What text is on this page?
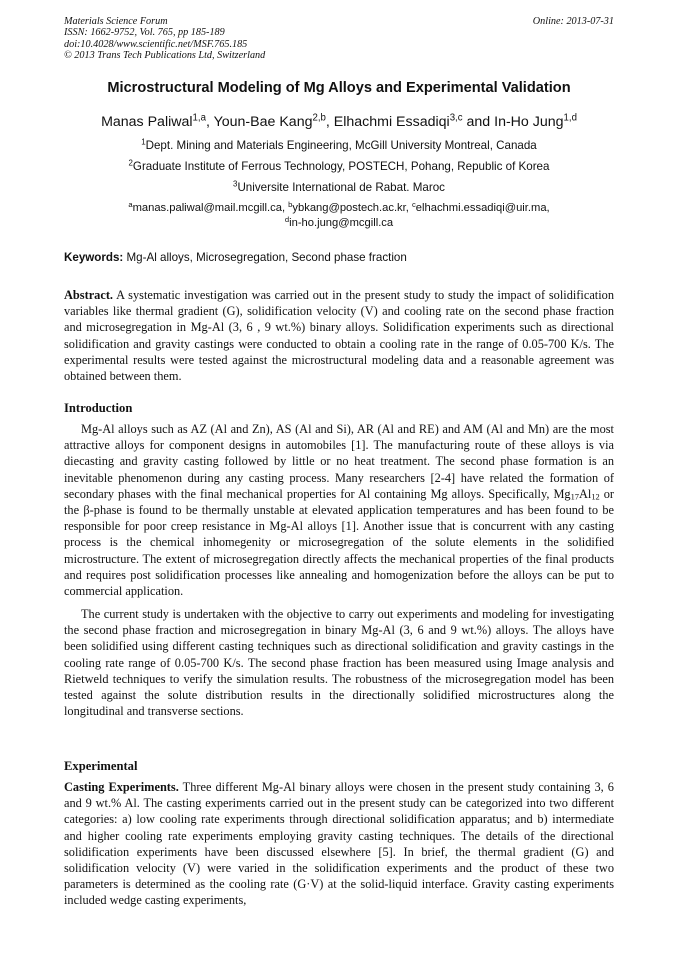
Materials Science Forum
ISSN: 1662-9752, Vol. 765, pp 185-189
doi:10.4028/www.scientific.net/MSF.765.185
© 2013 Trans Tech Publications Ltd, Switzerland
Online: 2013-07-31
Microstructural Modeling of Mg Alloys and Experimental Validation
Manas Paliwal$^{1,a}$, Youn-Bae Kang$^{2,b}$, Elhachmi Essadiqi$^{3,c}$ and In-Ho Jung$^{1,d}$
$^1$Dept. Mining and Materials Engineering, McGill University Montreal, Canada
$^2$Graduate Institute of Ferrous Technology, POSTECH, Pohang, Republic of Korea
$^3$Universite International de Rabat. Maroc
$^a$manas.paliwal@mail.mcgill.ca, $^b$ybkang@postech.ac.kr, $^c$elhachmi.essadiqi@uir.ma,
$^d$in-ho.jung@mcgill.ca
Keywords: Mg-Al alloys, Microsegregation, Second phase fraction
Abstract. A systematic investigation was carried out in the present study to study the impact of solidification variables like thermal gradient (G), solidification velocity (V) and cooling rate on the second phase fraction and microsegregation in Mg-Al (3, 6 , 9 wt.%) binary alloys. Solidification experiments such as directional solidification and gravity castings were conducted to obtain a cooling rate in the range of 0.05-700 K/s. The experimental results were tested against the microstructural modeling data and a reasonable agreement was obtained between them.
Introduction
Mg-Al alloys such as AZ (Al and Zn), AS (Al and Si), AR (Al and RE) and AM (Al and Mn) are the most attractive alloys for component designs in automobiles [1]. The manufacturing route of these alloys is via diecasting and gravity casting followed by little or no heat treatment. The second phase formation is an inevitable phenomenon during any casting process. Many researchers [2-4] have related the formation of secondary phases with the final mechanical properties for Al containing Mg alloys. Specifically, $Mg_{17}Al_{12}$ or the β-phase is found to be thermally unstable at elevated application temperatures and has been found to be responsible for poor creep resistance in Mg-Al alloys [1]. Another issue that is concurrent with any casting process is the chemical inhomegenity or microsegregation of the solute elements in the solidified microstructure. The extent of microsegregation directly affects the mechanical properties of the final products and requires post solidification processes like annealing and homogenization before the alloys can be put to commercial application.
The current study is undertaken with the objective to carry out experiments and modeling for investigating the second phase fraction and microsegregation in binary Mg-Al (3, 6 and 9 wt.%) alloys. The alloys have been solidified using different casting techniques such as directional solidification and gravity castings in the cooling rate range of 0.05-700 K/s. The second phase fraction has been measured using Image analysis and Rietweld techniques to verify the simulation results. The robustness of the microsegregation model has been tested against the solute distribution results in the directionally solidified microstructures along the longitudinal and transverse sections.
Experimental
Casting Experiments. Three different Mg-Al binary alloys were chosen in the present study containing 3, 6 and 9 wt.% Al. The casting experiments carried out in the present study can be categorized into two different categories: a) low cooling rate experiments through directional solidification apparatus; and b) intermediate and higher cooling rate experiments employing gravity casting techniques. The details of the directional solidification experiments have been discussed elsewhere [5]. In brief, the thermal gradient (G) and solidification velocity (V) were varied in the solidification experiments and the product of these two parameters is determined as the cooling rate (G·V) at the solid-liquid interface. Gravity casting experiments included wedge casting experiments,
